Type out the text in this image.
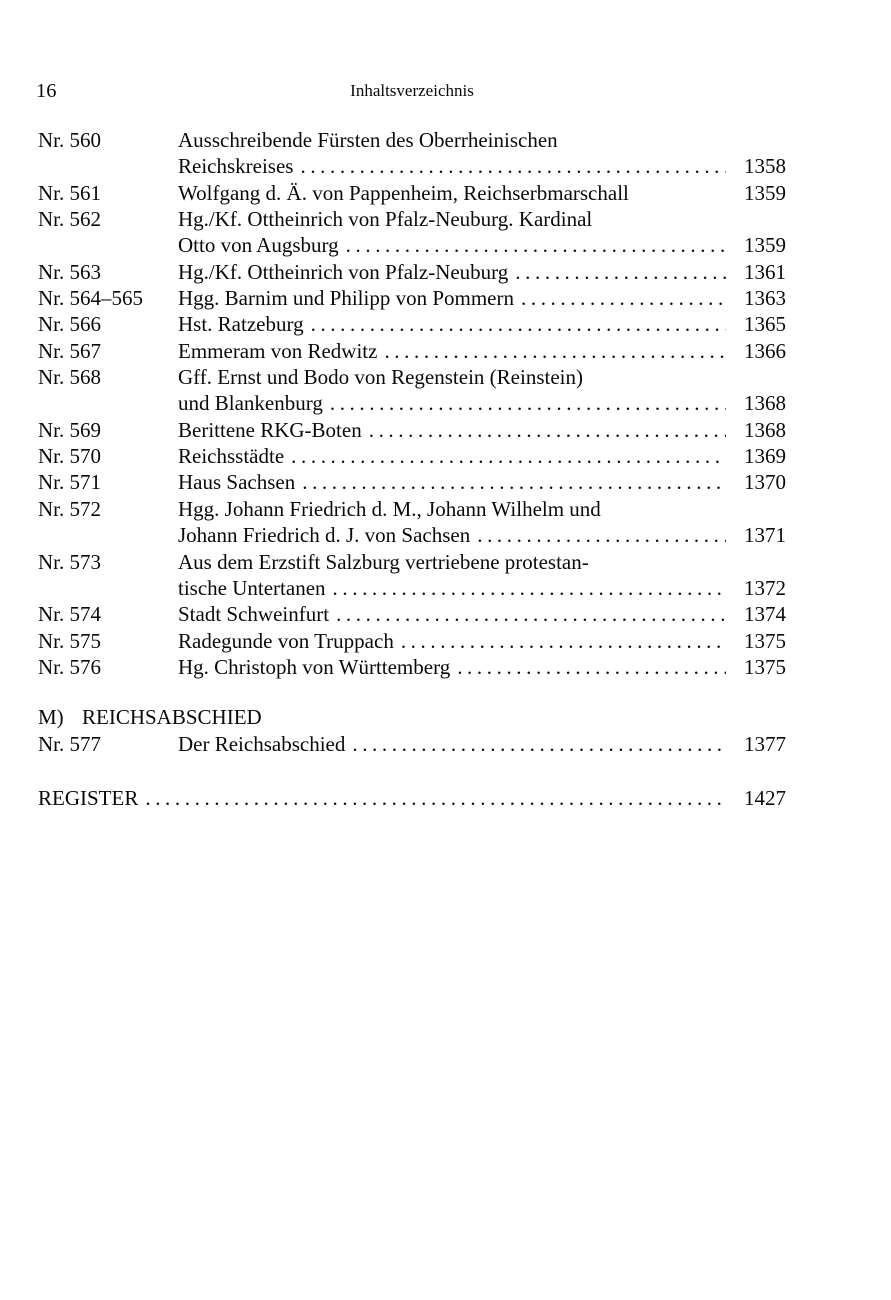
16	Inhaltsverzeichnis
Nr. 560	Ausschreibende Fürsten des Oberrheinischen
Reichskreises .....	1358
Nr. 561	Wolfgang d. Ä. von Pappenheim, Reichserbmarschall	1359
Nr. 562	Hg./Kf. Ottheinrich von Pfalz-Neuburg. Kardinal
Otto von Augsburg .....	1359
Nr. 563	Hg./Kf. Ottheinrich von Pfalz-Neuburg .....	1361
Nr. 564–565	Hgg. Barnim und Philipp von Pommern .....	1363
Nr. 566	Hst. Ratzeburg .....	1365
Nr. 567	Emmeram von Redwitz .....	1366
Nr. 568	Gff. Ernst und Bodo von Regenstein (Reinstein)
und Blankenburg .....	1368
Nr. 569	Berittene RKG-Boten .....	1368
Nr. 570	Reichsstädte .....	1369
Nr. 571	Haus Sachsen .....	1370
Nr. 572	Hgg. Johann Friedrich d. M., Johann Wilhelm und
Johann Friedrich d. J. von Sachsen .....	1371
Nr. 573	Aus dem Erzstift Salzburg vertriebene protestan-
tische Untertanen .....	1372
Nr. 574	Stadt Schweinfurt .....	1374
Nr. 575	Radegunde von Truppach .....	1375
Nr. 576	Hg. Christoph von Württemberg .....	1375
M) REICHSABSCHIED
Nr. 577	Der Reichsabschied .....	1377
REGISTER .....	1427
